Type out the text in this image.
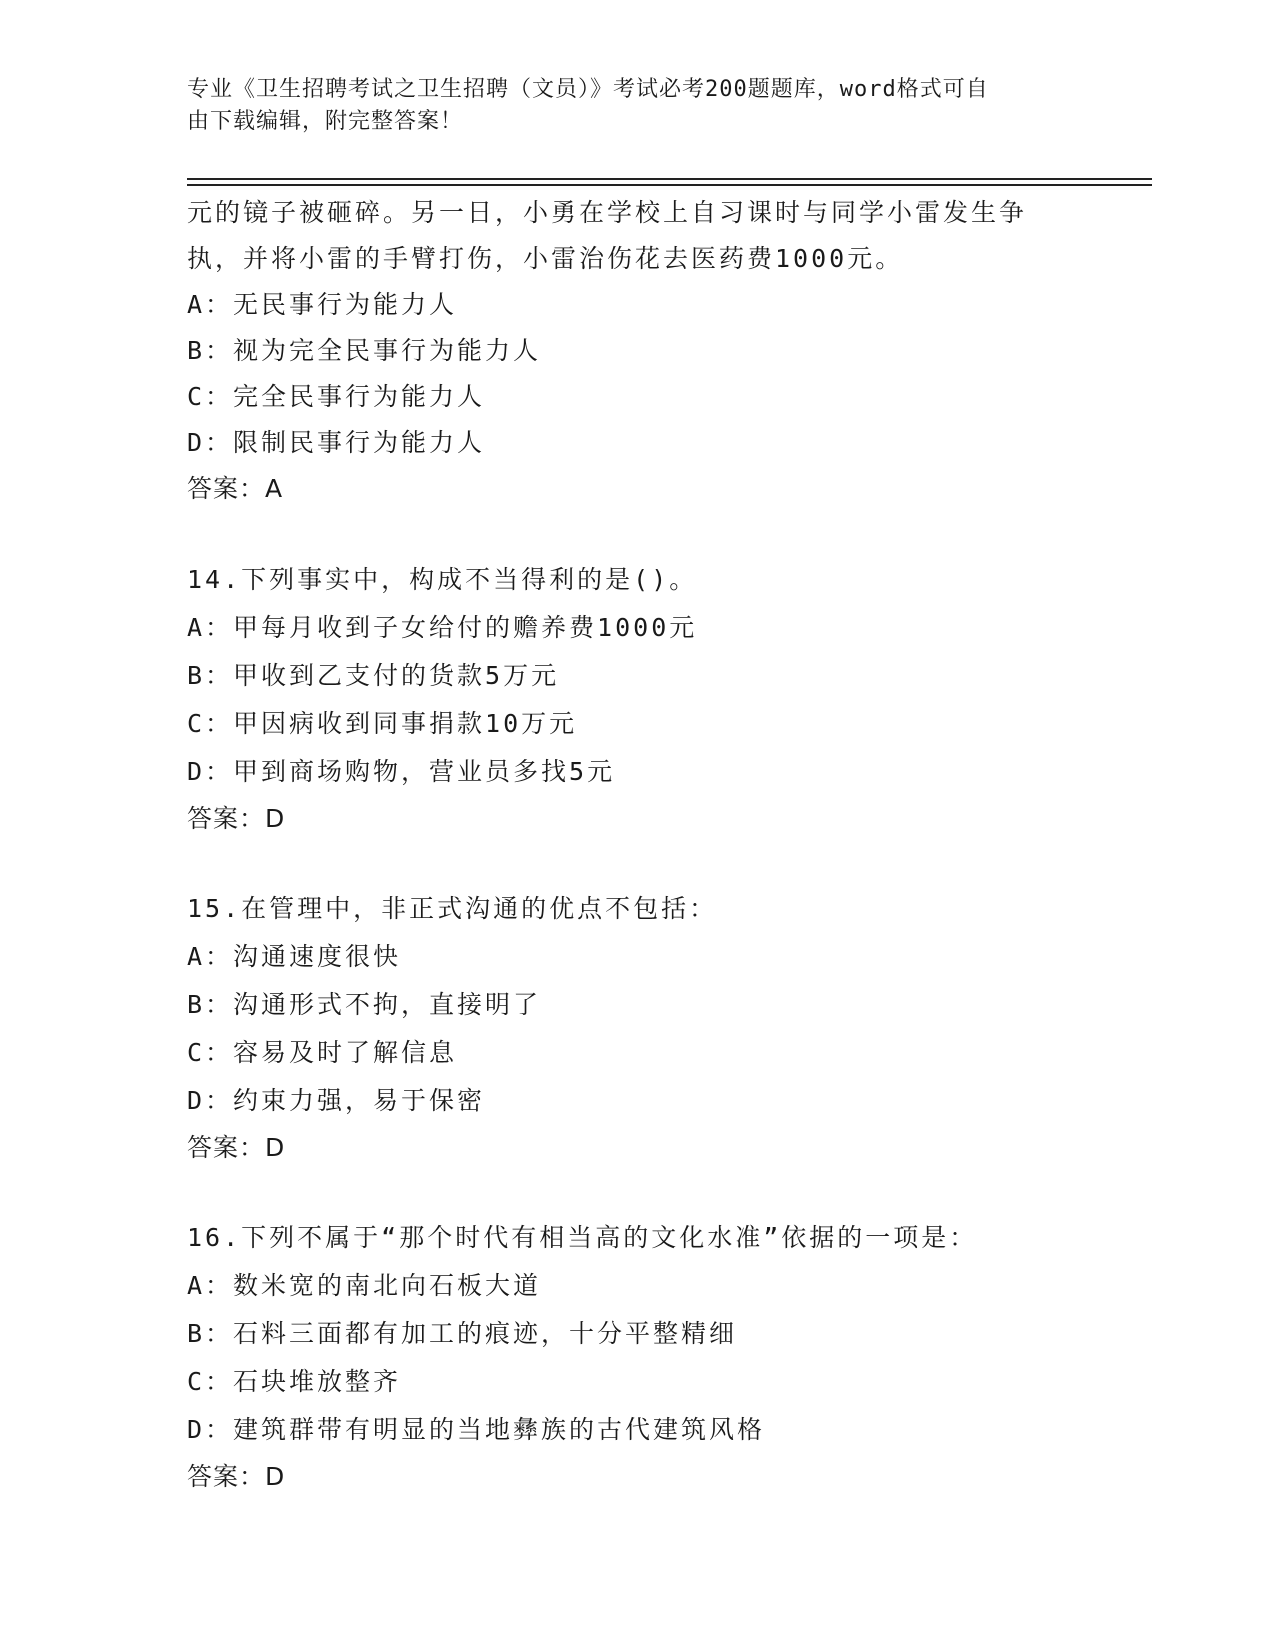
专业《卫生招聘考试之卫生招聘（文员）》考试必考200题题库，word格式可自
由下载编辑，附完整答案！
元的镜子被砸碎。另一日，小勇在学校上自习课时与同学小雷发生争
执，并将小雷的手臂打伤，小雷治伤花去医药费1000元。
A：无民事行为能力人
B：视为完全民事行为能力人
C：完全民事行为能力人
D：限制民事行为能力人
答案：A
14.下列事实中，构成不当得利的是()。
A：甲每月收到子女给付的赡养费1000元
B：甲收到乙支付的货款5万元
C：甲因病收到同事捐款10万元
D：甲到商场购物，营业员多找5元
答案：D
15.在管理中，非正式沟通的优点不包括：
A：沟通速度很快
B：沟通形式不拘，直接明了
C：容易及时了解信息
D：约束力强，易于保密
答案：D
16.下列不属于“那个时代有相当高的文化水准”依据的一项是：
A：数米宽的南北向石板大道
B：石料三面都有加工的痕迹，十分平整精细
C：石块堆放整齐
D：建筑群带有明显的当地彝族的古代建筑风格
答案：D
